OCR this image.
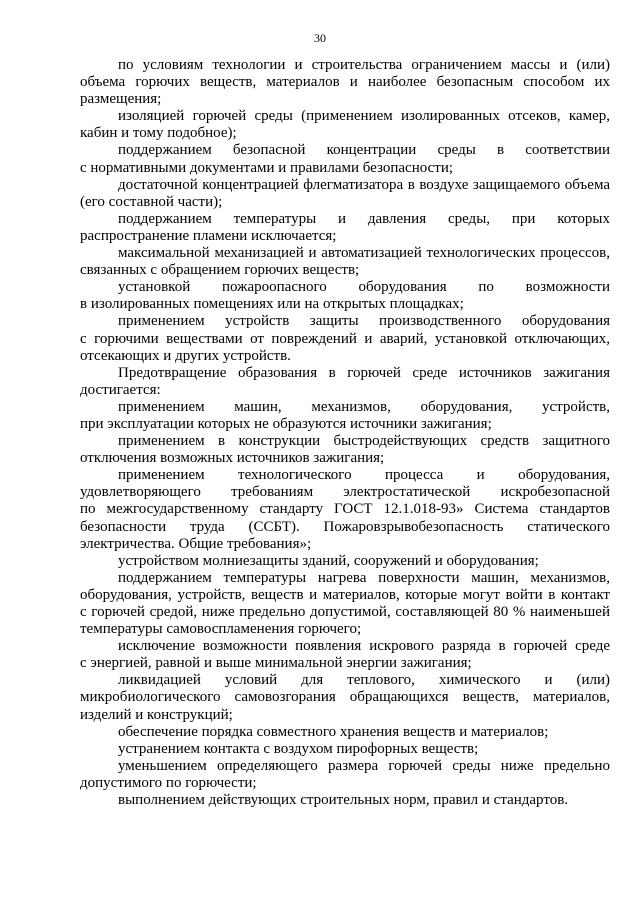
30
по условиям технологии и строительства ограничением массы и (или)
объема горючих веществ, материалов и наиболее безопасным способом их
размещения;
изоляцией горючей среды (применением изолированных отсеков, камер,
кабин и тому подобное);
поддержанием безопасной концентрации среды в соответствии
с нормативными документами и правилами безопасности;
достаточной концентрацией флегматизатора в воздухе защищаемого объема
(его составной части);
поддержанием температуры и давления среды, при которых
распространение пламени исключается;
максимальной механизацией и автоматизацией технологических процессов,
связанных с обращением горючих веществ;
установкой пожароопасного оборудования по возможности
в изолированных помещениях или на открытых площадках;
применением устройств защиты производственного оборудования
с горючими веществами от повреждений и аварий, установкой отключающих,
отсекающих и других устройств.
Предотвращение образования в горючей среде источников зажигания
достигается:
применением машин, механизмов, оборудования, устройств,
при эксплуатации которых не образуются источники зажигания;
применением в конструкции быстродействующих средств защитного
отключения возможных источников зажигания;
применением технологического процесса и оборудования,
удовлетворяющего требованиям электростатической искробезопасной
по межгосударственному стандарту ГОСТ 12.1.018-93» Система стандартов
безопасности труда (ССБТ). Пожаровзрывобезопасность статического
электричества. Общие требования»;
устройством молниезащиты зданий, сооружений и оборудования;
поддержанием температуры нагрева поверхности машин, механизмов,
оборудования, устройств, веществ и материалов, которые могут войти в контакт
с горючей средой, ниже предельно допустимой, составляющей 80 % наименьшей
температуры самовоспламенения горючего;
исключение возможности появления искрового разряда в горючей среде
с энергией, равной и выше минимальной энергии зажигания;
ликвидацией условий для теплового, химического и (или)
микробиологического самовозгорания обращающихся веществ, материалов,
изделий и конструкций;
обеспечение порядка совместного хранения веществ и материалов;
устранением контакта с воздухом пирофорных веществ;
уменьшением определяющего размера горючей среды ниже предельно
допустимого по горючести;
выполнением действующих строительных норм, правил и стандартов.
